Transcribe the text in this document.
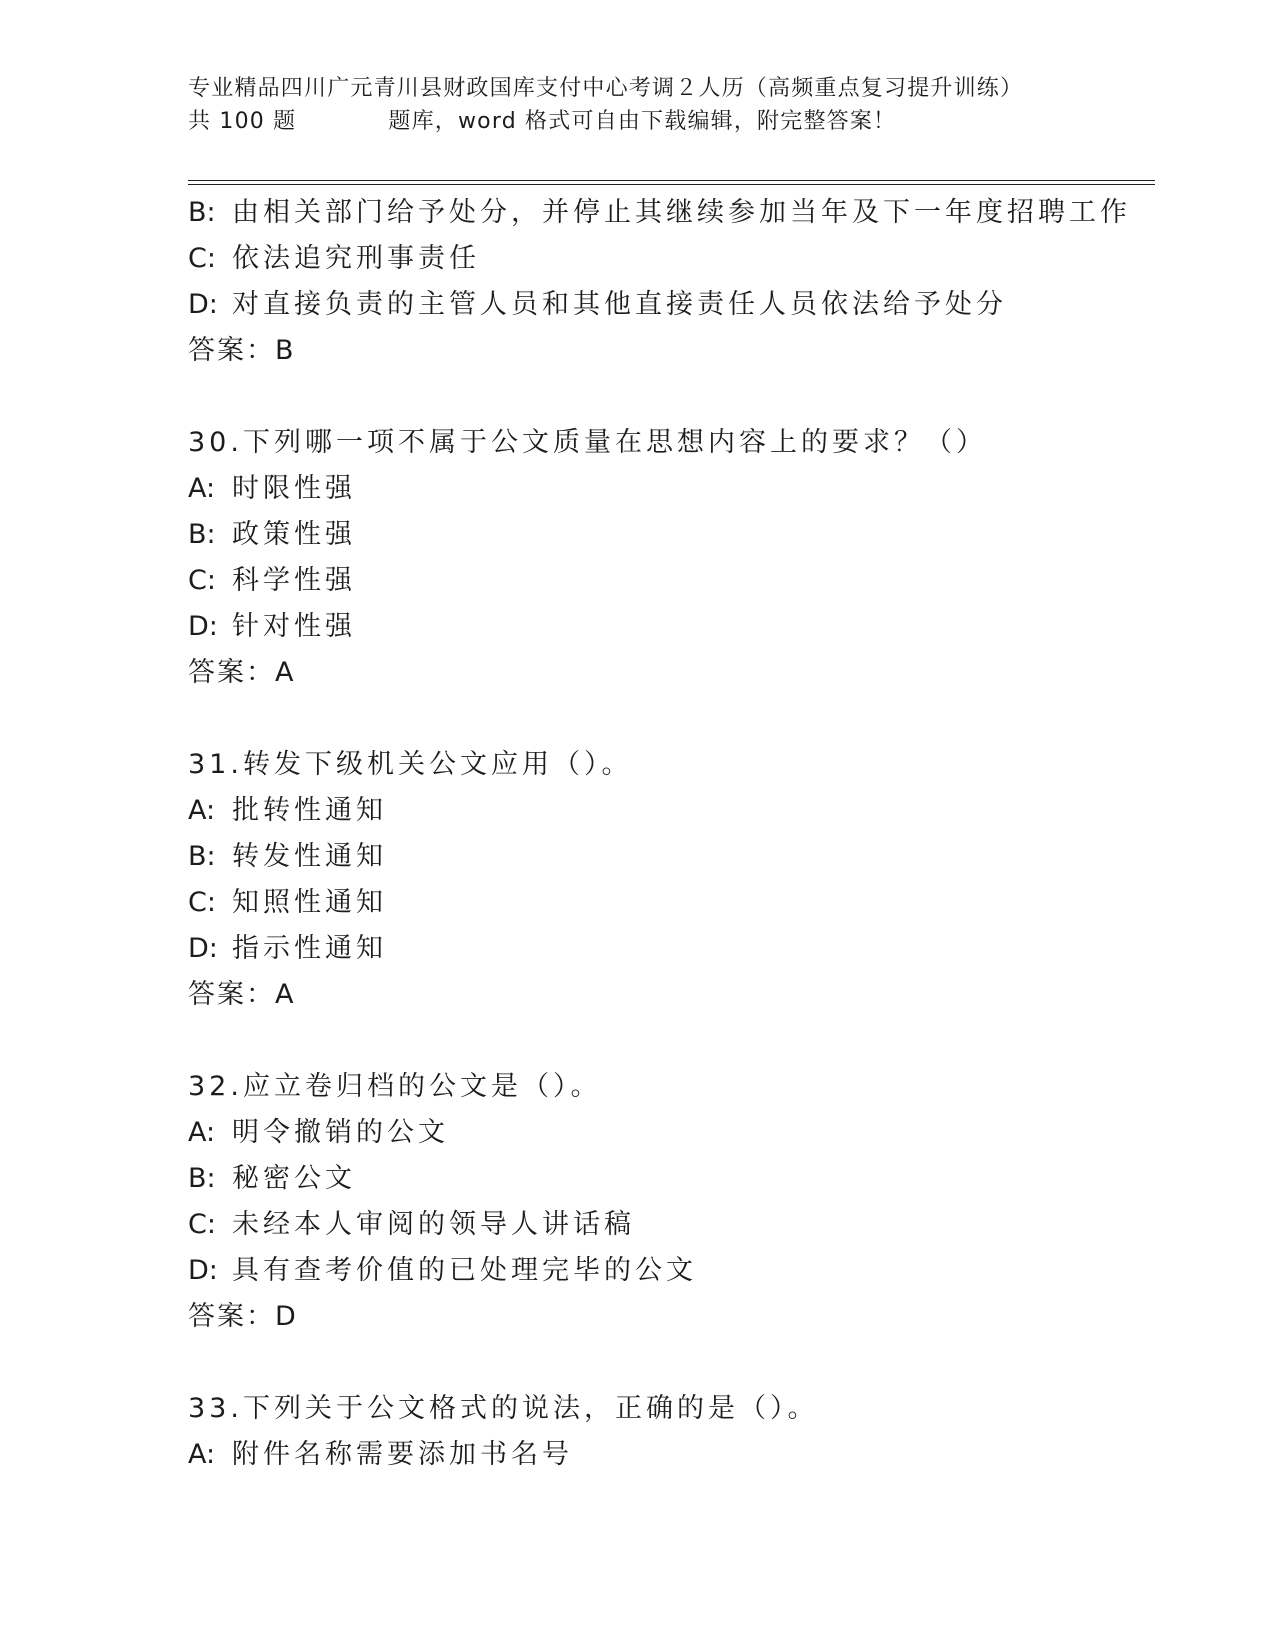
专业精品四川广元青川县财政国库支付中心考调２人历（高频重点复习提升训练）
共 100 题	题库，word 格式可自由下载编辑，附完整答案！
B: 由相关部门给予处分，并停止其继续参加当年及下一年度招聘工作
C: 依法追究刑事责任
D: 对直接负责的主管人员和其他直接责任人员依法给予处分
答案：B
30.下列哪一项不属于公文质量在思想内容上的要求？（）
A: 时限性强
B: 政策性强
C: 科学性强
D: 针对性强
答案：A
31.转发下级机关公文应用（）。
A: 批转性通知
B: 转发性通知
C: 知照性通知
D: 指示性通知
答案：A
32.应立卷归档的公文是（）。
A: 明令撤销的公文
B: 秘密公文
C: 未经本人审阅的领导人讲话稿
D: 具有查考价值的已处理完毕的公文
答案：D
33.下列关于公文格式的说法，正确的是（）。
A: 附件名称需要添加书名号
